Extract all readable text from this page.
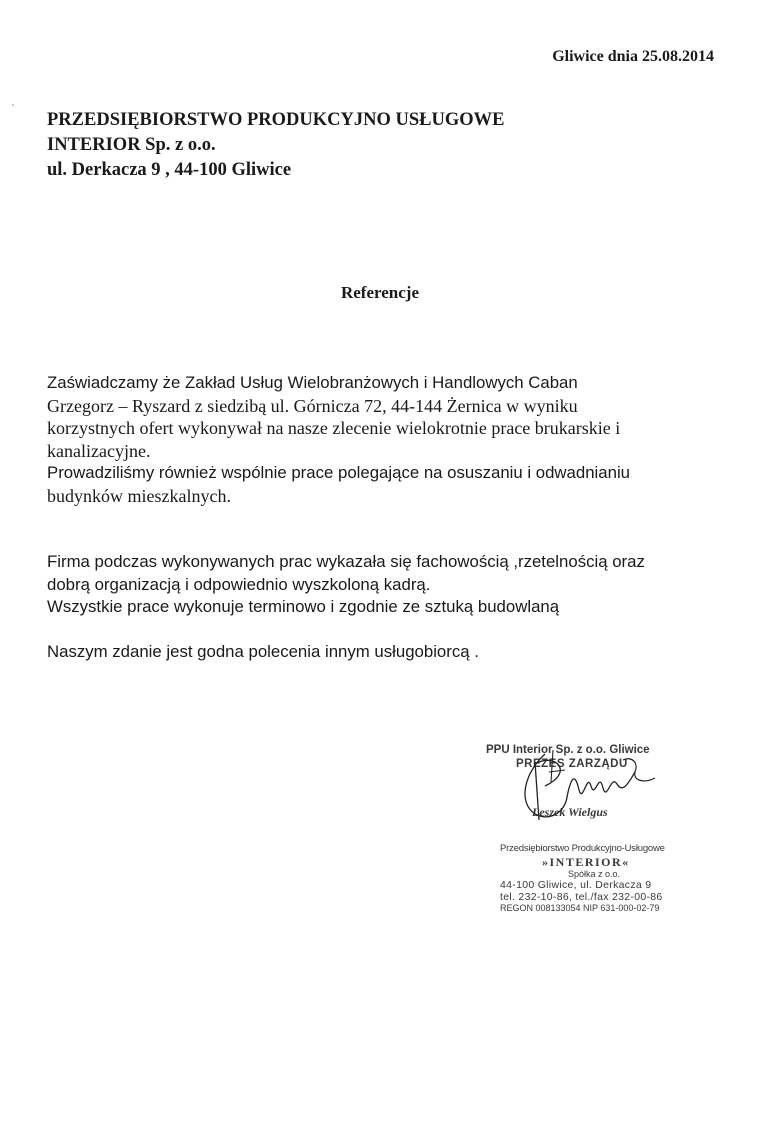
Gliwice dnia 25.08.2014
PRZEDSIĘBIORSTWO PRODUKCYJNO USŁUGOWE
INTERIOR Sp. z o.o.
ul. Derkacza 9 , 44-100 Gliwice
Referencje
Zaświadczamy że Zakład Usług Wielobranżowych i Handlowych Caban
Grzegorz – Ryszard z siedzibą ul. Górnicza 72, 44-144 Żernica w wyniku
korzystnych ofert wykonywał na nasze zlecenie wielokrotnie prace brukarskie i
kanalizacyjne.
Prowadziliśmy również wspólnie prace polegające na osuszaniu i odwadnianiu
budynków mieszkalnych.
Firma podczas wykonywanych prac wykazała się fachowością ,rzetelnością oraz
dobrą organizacją i odpowiednio wyszkoloną kadrą.
Wszystkie prace wykonuje terminowo i zgodnie ze sztuką budowlaną
Naszym zdanie jest godna polecenia innym usługobiorcą .
PPU Interior Sp. z o.o. Gliwice
PREZES ZARZĄDU
Leszek Wielgus
Przedsiębiorstwo Produkcyjno-Usługowe
»INTERIOR«
Spółka z o.o.
44-100 Gliwice, ul. Derkacza 9
tel. 232-10-86, tel./fax 232-00-86
REGON 008133054 NIP 631-000-02-79
